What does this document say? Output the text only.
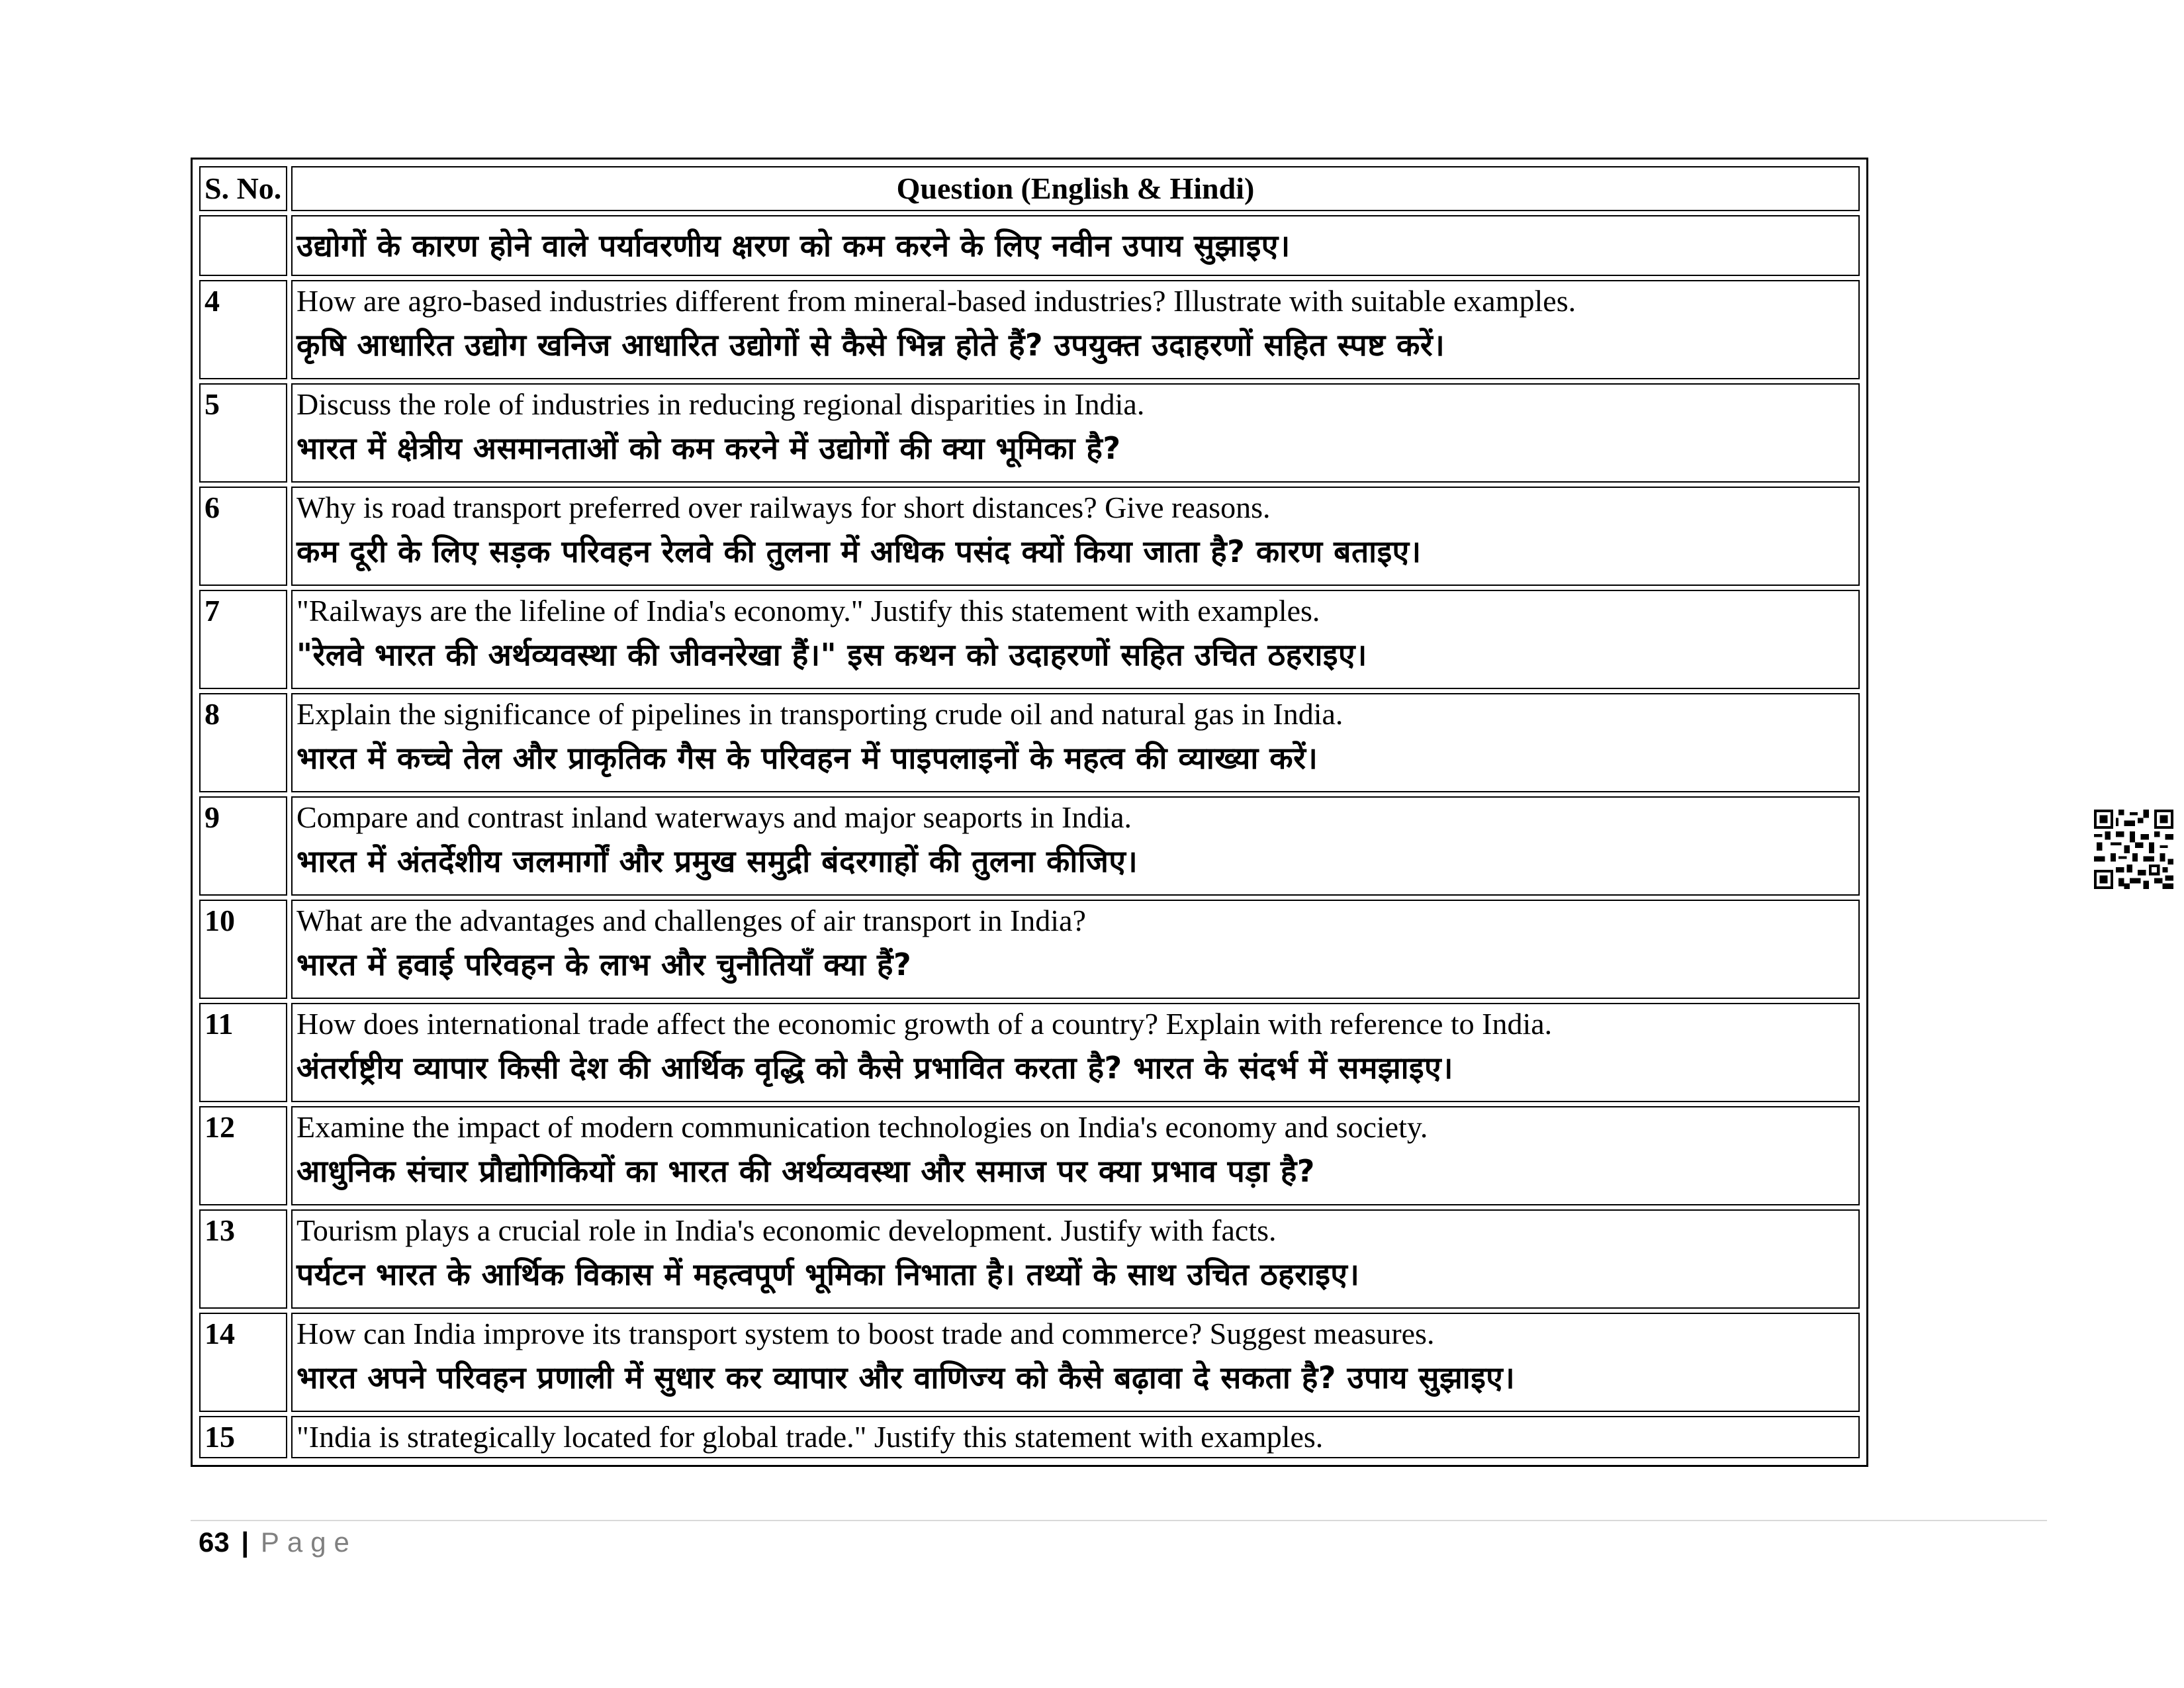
S. No.	Question (English & Hindi)

	उद्योगों के कारण होने वाले पर्यावरणीय क्षरण को कम करने के लिए नवीन उपाय सुझाइए।

4	How are agro-based industries different from mineral-based industries? Illustrate with suitable examples.
कृषि आधारित उद्योग खनिज आधारित उद्योगों से कैसे भिन्न होते हैं? उपयुक्त उदाहरणों सहित स्पष्ट करें।

5	Discuss the role of industries in reducing regional disparities in India.
भारत में क्षेत्रीय असमानताओं को कम करने में उद्योगों की क्या भूमिका है?

6	Why is road transport preferred over railways for short distances? Give reasons.
कम दूरी के लिए सड़क परिवहन रेलवे की तुलना में अधिक पसंद क्यों किया जाता है? कारण बताइए।

7	"Railways are the lifeline of India's economy." Justify this statement with examples.
"रेलवे भारत की अर्थव्यवस्था की जीवनरेखा हैं।" इस कथन को उदाहरणों सहित उचित ठहराइए।

8	Explain the significance of pipelines in transporting crude oil and natural gas in India.
भारत में कच्चे तेल और प्राकृतिक गैस के परिवहन में पाइपलाइनों के महत्व की व्याख्या करें।

9	Compare and contrast inland waterways and major seaports in India.
भारत में अंतर्देशीय जलमार्गों और प्रमुख समुद्री बंदरगाहों की तुलना कीजिए।

10	What are the advantages and challenges of air transport in India?
भारत में हवाई परिवहन के लाभ और चुनौतियाँ क्या हैं?

11	How does international trade affect the economic growth of a country? Explain with reference to India.
अंतर्राष्ट्रीय व्यापार किसी देश की आर्थिक वृद्धि को कैसे प्रभावित करता है? भारत के संदर्भ में समझाइए।

12	Examine the impact of modern communication technologies on India's economy and society.
आधुनिक संचार प्रौद्योगिकियों का भारत की अर्थव्यवस्था और समाज पर क्या प्रभाव पड़ा है?

13	Tourism plays a crucial role in India's economic development. Justify with facts.
पर्यटन भारत के आर्थिक विकास में महत्वपूर्ण भूमिका निभाता है। तथ्यों के साथ उचित ठहराइए।

14	How can India improve its transport system to boost trade and commerce? Suggest measures.
भारत अपने परिवहन प्रणाली में सुधार कर व्यापार और वाणिज्य को कैसे बढ़ावा दे सकता है? उपाय सुझाइए।

15	"India is strategically located for global trade." Justify this statement with examples.
63 | Page
